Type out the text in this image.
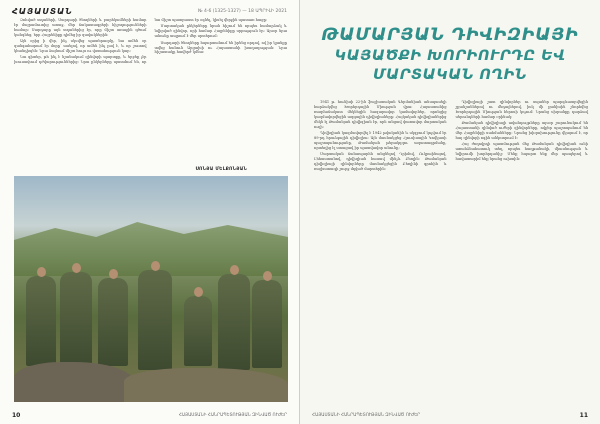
ՀԱՅԱՍՏԱՆ	№ 4-6 (1325-1327) — 18 ԱՊՐԻԼԻ 2021

Զոհված տղաների, Սարդարի ծնողների և բարեկամների համար էր մայրամուտից առաջ, մեր ճակատագրերի հիշողությունների համար։ Սարդարը այն տղաներից էր, որը միշտ առաջին գծում կանգնեց, երբ Հայրենիքը դիմեց իր զավակներին։

Այն օրից ի վեր, ինչ սկսվեց պատերազմը, նա ամեն օր զանգահարում էր մորը՝ ասելով, որ ամեն ինչ լավ է, և որ շուտով կհանդիպեն։ Նրա ձայնում միշտ հույս ու վստահություն կար։

Նա գիտեր, թե ինչ է նշանակում զինվորի պարտքը, և երբեք չէր խուսափում դժվարություններից։ Նրա ընկերները պատմում են, որ նա միշտ պատրաստ էր օգնել, կիսել վերջին պատառ հացը։

Մարտական ընկերները նրան հիշում են որպես համարձակ և նվիրված զինվոր, որի համար Հայրենիքը սրբություն էր։ Այսօր նրա անունը ապրում է մեր սրտերում։

Սարդարի ծնողները հպարտանում են իրենց որդով, ով իր կյանքը տվեց հանուն Արցախի ու Հայաստանի խաղաղության։ Նրա հիշատակը հավերժ կմնա։

ՍՈՆՅԱ ՄԵԼՔՈՆՅԱՆ
10	ՀԱՅԱՍՏԱՆԻ ՀԱՆՐԱՊԵՏՈՒԹՅԱՆ ԶԻՆՎԱԾ ՈՒԺԵՐ
ԹԱՄԱՐՅԱՆ ԴԻՎԻԶԻԱՅԻ
ԿԱՅԱԾՔԻ ԽՈՐԻՈՒՐԴԸ ԵՎ ՄԱՐՏԱԿԱՆ ՈՂԻՆ

1941 թ. հունիսի 22-ին ֆաշիստական Գերմանիան անսպասելի հարձակվեց Խորհրդային Միության վրա։ Հայաստանից ռազմաճակատ մեկնեցին հազարավոր կամավորներ, որոնցից կազմավորվեցին ազգային դիվիզիաները։ Հայկական դիվիզիաներից մեկն էլ Թամանյան դիվիզիան էր, որն անցավ փառավոր մարտական ուղի։

Դիվիզիան կազմավորվել է 1942 թվականին և սկզբում կոչվում էր 89-րդ հրաձգային դիվիզիա։ Այն մասնակցեց Հյուսիսային Կովկասի պաշտպանությանը, Թամանյան թերակղզու ազատագրմանը, որտեղից էլ ստացավ իր պատվավոր անունը։

Մարտական ճանապարհն անցնելով Ղրիմով, Ուկրաինայով, Լեհաստանով, դիվիզիան հասավ մինչև Բեռլին։ Թամանյան դիվիզիայի զինվորները մասնակցեցին Բեռլինի գրոհին և ռայխստագի շուրջ մղված մարտերին։

Դիվիզիայի շատ զինվորներ ու սպաներ պարգևատրվեցին շքանշաններով ու մեդալներով, իսկ մի քանիսին շնորհվեց Խորհրդային Միության հերոսի կոչում։ Նրանց սխրանքը դարձավ սերունդների համար օրինակ։

Թամանյան դիվիզիայի ավանդույթները այսօր շարունակում են Հայաստանի զինված ուժերի զինվորները, ովքեր պաշտպանում են մեր Հայրենիքի սահմանները։ Նրանց խիզախությունը վկայում է, որ հայ զինվորի ոգին անկոտրում է։

Հայ ժողովրդի պատմության մեջ Թամանյան դիվիզիան ունի առանձնահատուկ տեղ, որպես հաղթանակի, միասնության և նվիրումի խորհրդանիշ։ Մենք հպարտ ենք մեր պապերով և հավատարիմ ենք նրանց ուխտին։

ՀԱՅԱՍՏԱՆԻ ՀԱՆՐԱՊԵՏՈՒԹՅԱՆ ԶԻՆՎԱԾ ՈՒԺԵՐ	11
